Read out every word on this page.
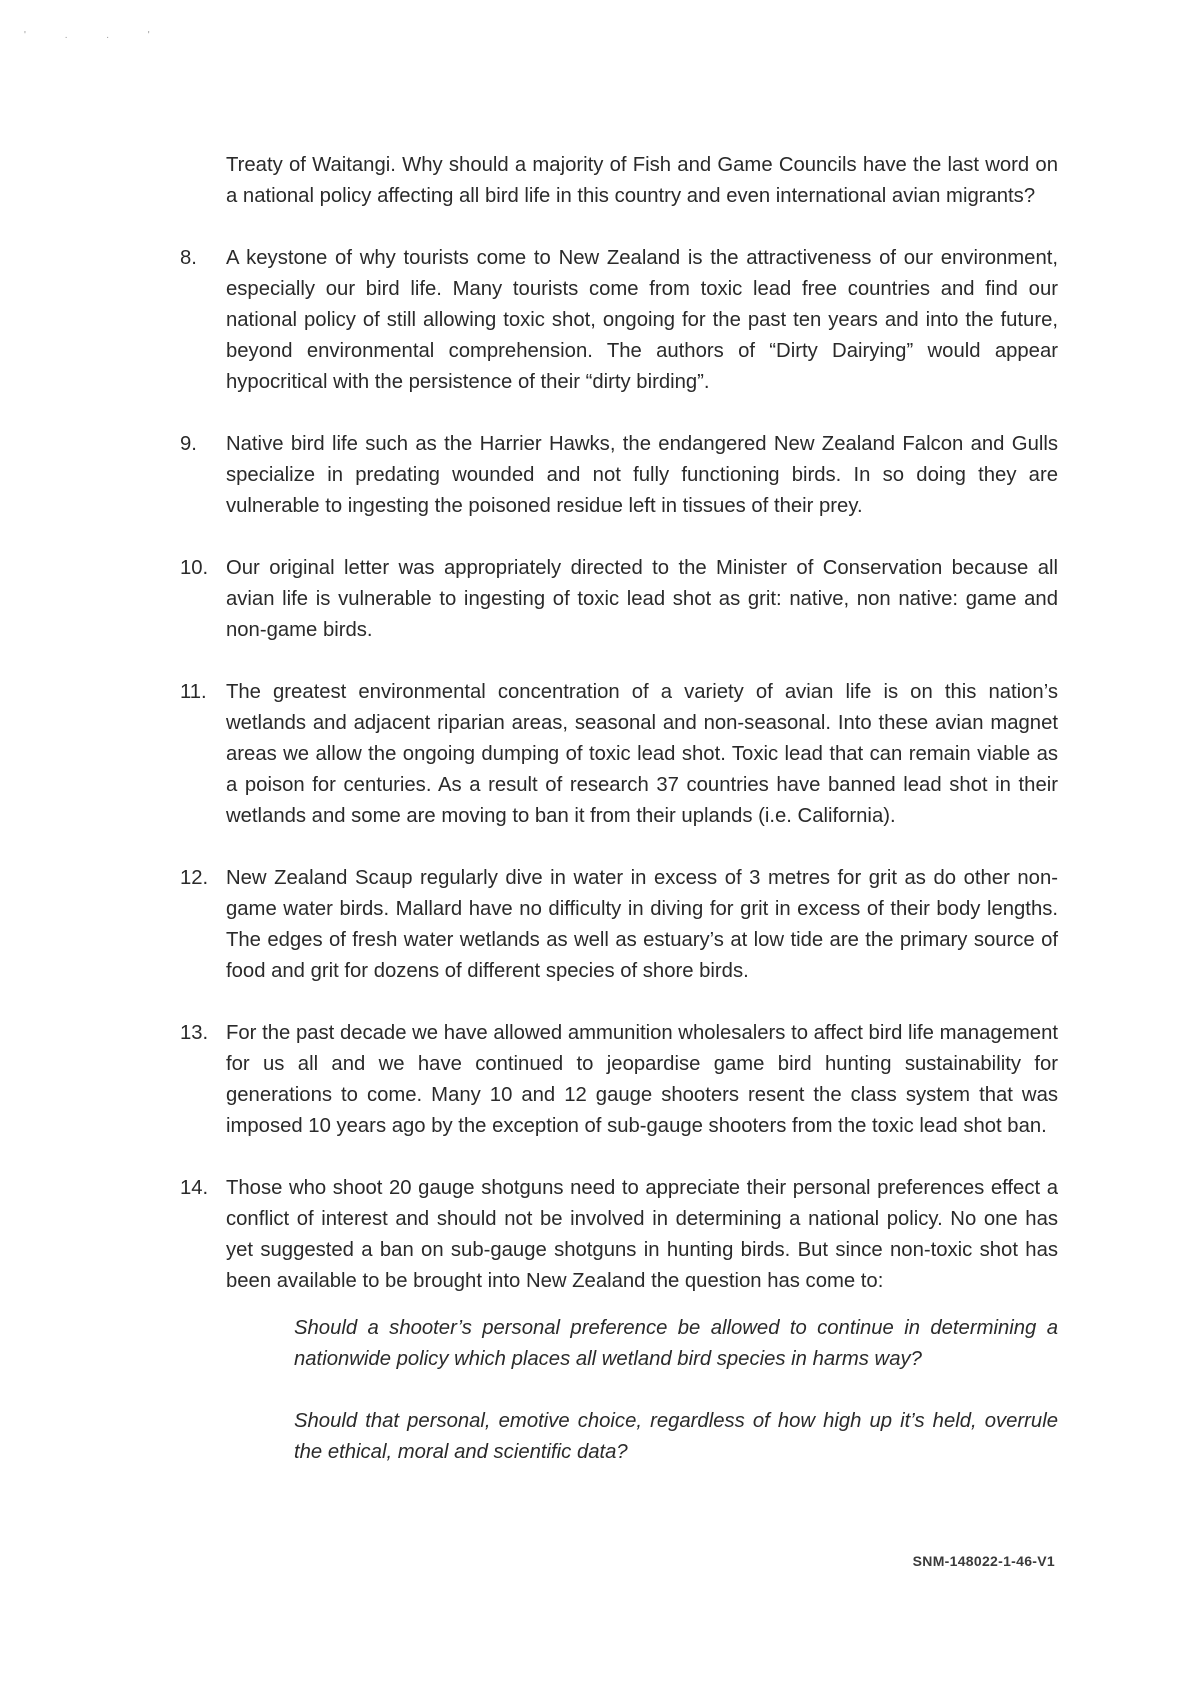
' . . '

Treaty of Waitangi. Why should a majority of Fish and Game Councils have the last word on a national policy affecting all bird life in this country and even international avian migrants?

8.	A keystone of why tourists come to New Zealand is the attractiveness of our environment, especially our bird life. Many tourists come from toxic lead free countries and find our national policy of still allowing toxic shot, ongoing for the past ten years and into the future, beyond environmental comprehension. The authors of “Dirty Dairying” would appear hypocritical with the persistence of their “dirty birding”.
9.	Native bird life such as the Harrier Hawks, the endangered New Zealand Falcon and Gulls specialize in predating wounded and not fully functioning birds. In so doing they are vulnerable to ingesting the poisoned residue left in tissues of their prey.
10. Our original letter was appropriately directed to the Minister of Conservation because all avian life is vulnerable to ingesting of toxic lead shot as grit: native, non native: game and non-game birds.
11. The greatest environmental concentration of a variety of avian life is on this nation’s wetlands and adjacent riparian areas, seasonal and non-seasonal. Into these avian magnet areas we allow the ongoing dumping of toxic lead shot. Toxic lead that can remain viable as a poison for centuries. As a result of research 37 countries have banned lead shot in their wetlands and some are moving to ban it from their uplands (i.e. California).
12. New Zealand Scaup regularly dive in water in excess of 3 metres for grit as do other non-game water birds. Mallard have no difficulty in diving for grit in excess of their body lengths. The edges of fresh water wetlands as well as estuary’s at low tide are the primary source of food and grit for dozens of different species of shore birds.
13. For the past decade we have allowed ammunition wholesalers to affect bird life management for us all and we have continued to jeopardise game bird hunting sustainability for generations to come. Many 10 and 12 gauge shooters resent the class system that was imposed 10 years ago by the exception of sub-gauge shooters from the toxic lead shot ban.
14. Those who shoot 20 gauge shotguns need to appreciate their personal preferences effect a conflict of interest and should not be involved in determining a national policy. No one has yet suggested a ban on sub-gauge shotguns in hunting birds. But since non-toxic shot has been available to be brought into New Zealand the question has come to:

Should a shooter’s personal preference be allowed to continue in determining a nationwide policy which places all wetland bird species in harms way?

Should that personal, emotive choice, regardless of how high up it’s held, overrule the ethical, moral and scientific data?

SNM-148022-1-46-V1
